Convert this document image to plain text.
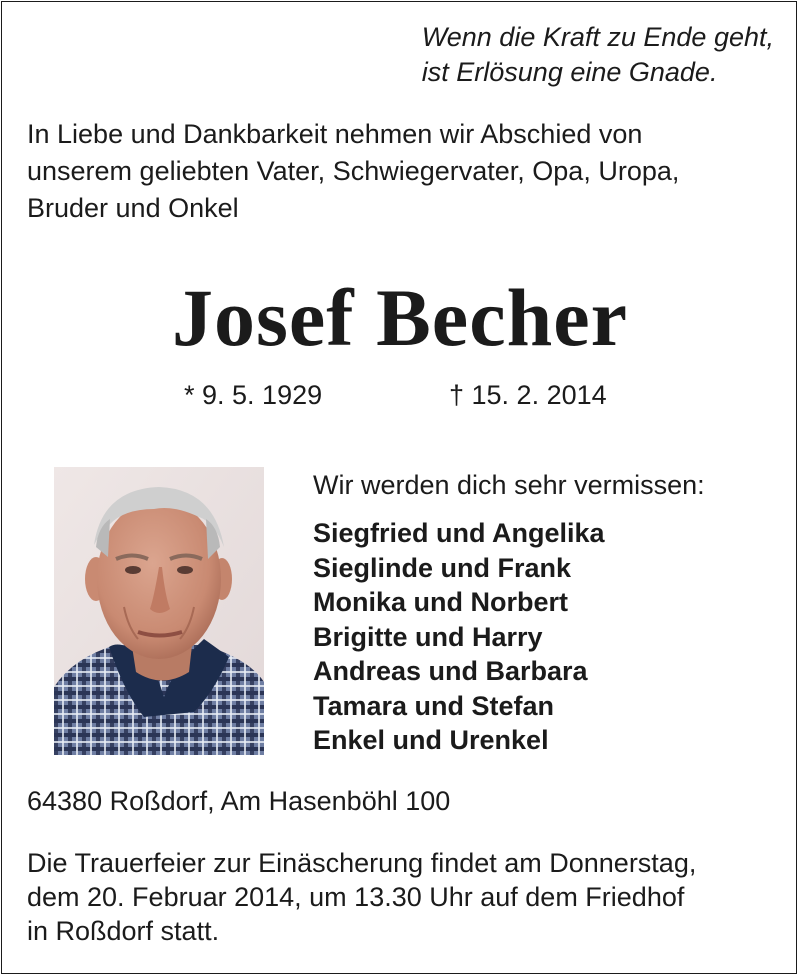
Wenn die Kraft zu Ende geht,
ist Erlösung eine Gnade.
In Liebe und Dankbarkeit nehmen wir Abschied von
unserem geliebten Vater, Schwiegervater, Opa, Uropa,
Bruder und Onkel
Josef Becher
* 9. 5. 1929	† 15. 2. 2014
Wir werden dich sehr vermissen:
Siegfried und Angelika
Sieglinde und Frank
Monika und Norbert
Brigitte und Harry
Andreas und Barbara
Tamara und Stefan
Enkel und Urenkel
64380 Roßdorf, Am Hasenböhl 100
Die Trauerfeier zur Einäscherung findet am Donnerstag,
dem 20. Februar 2014, um 13.30 Uhr auf dem Friedhof
in Roßdorf statt.
